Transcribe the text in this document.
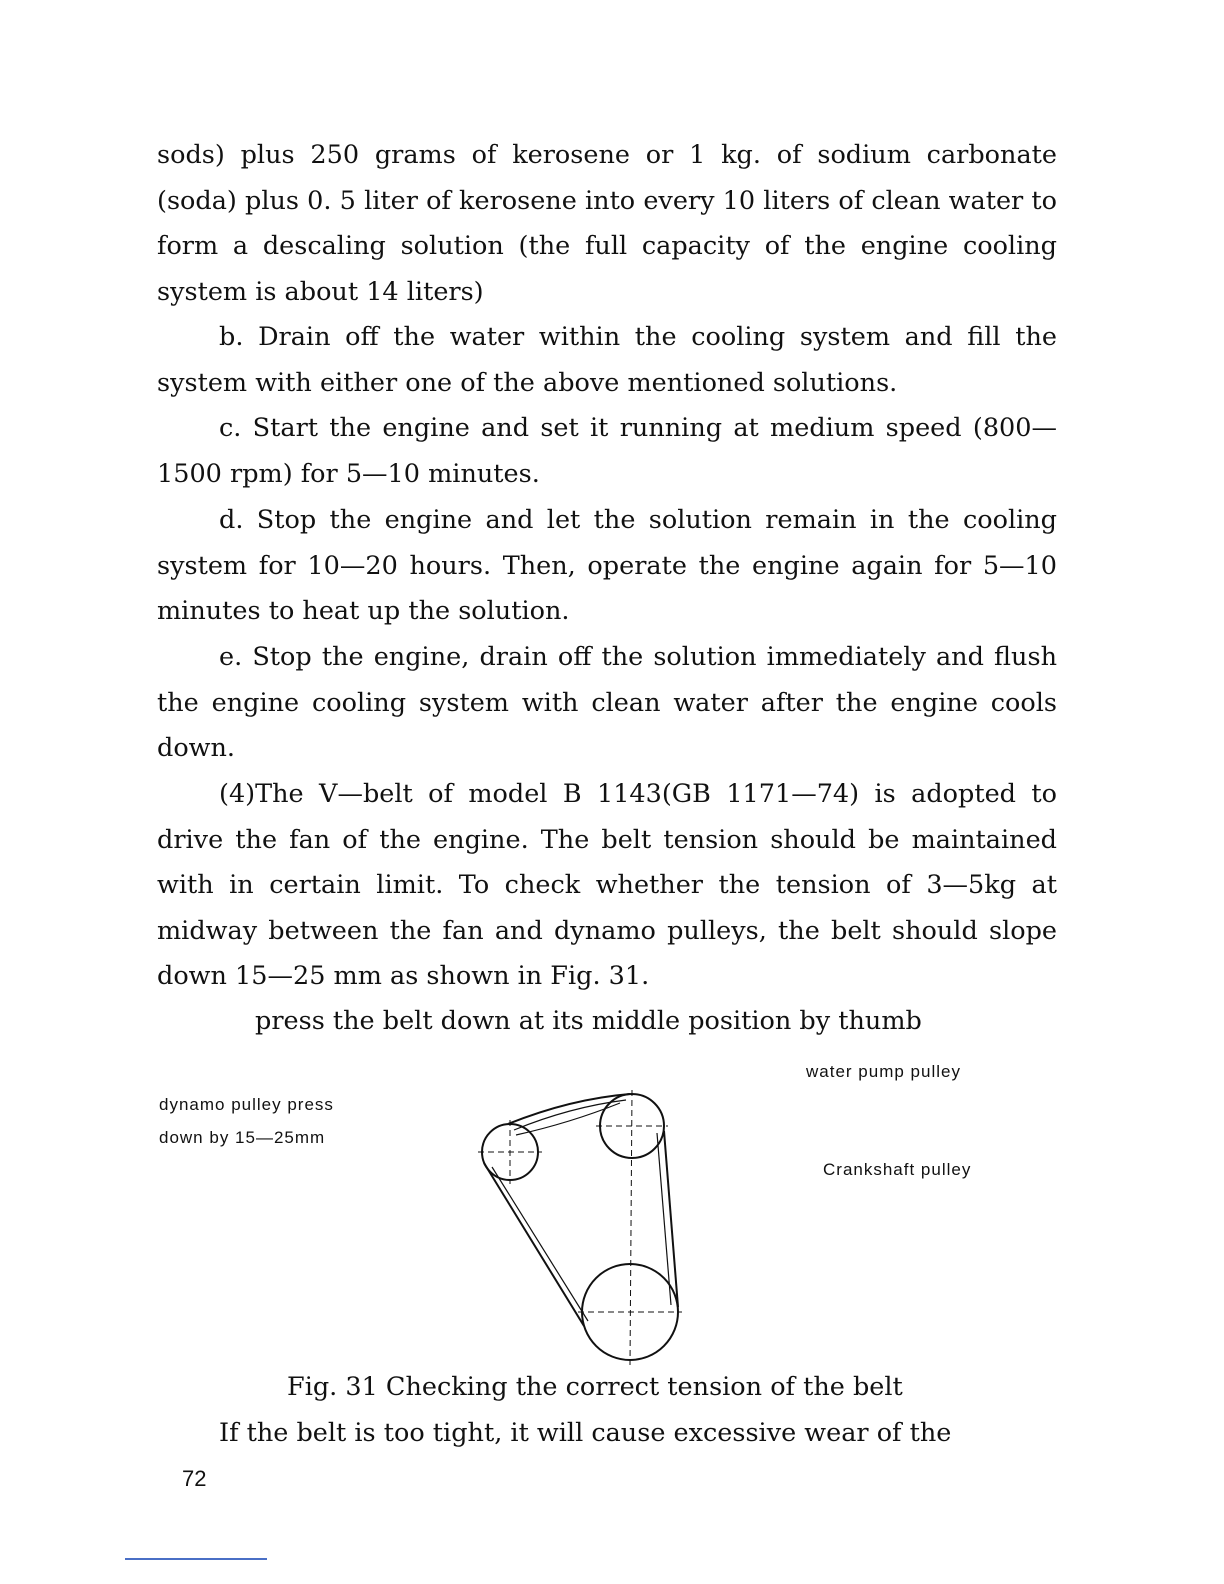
sods) plus 250 grams of kerosene or 1 kg. of sodium carbonate (soda) plus 0. 5 liter of kerosene into every 10 liters of clean water to form a descaling solution (the full capacity of the engine cooling system is about 14 liters)

b. Drain off the water within the cooling system and fill the system with either one of the above mentioned solutions.

c. Start the engine and set it running at medium speed (800—1500 rpm) for 5—10 minutes.

d. Stop the engine and let the solution remain in the cooling system for 10—20 hours. Then, operate the engine again for 5—10 minutes to heat up the solution.

e. Stop the engine, drain off the solution immediately and flush the engine cooling system with clean water after the engine cools down.

(4)The V—belt of model B 1143(GB 1171—74) is adopted to drive the fan of the engine. The belt tension should be maintained with in certain limit. To check whether the tension of 3—5kg at midway between the fan and dynamo pulleys, the belt should slope down 15—25 mm as shown in Fig. 31.

press the belt down at its middle position by thumb
dynamo pulley press
down by 15—25mm
water pump pulley
Crankshaft pulley
Fig. 31 Checking the correct tension of the belt
If the belt is too tight, it will cause excessive wear of the
72
